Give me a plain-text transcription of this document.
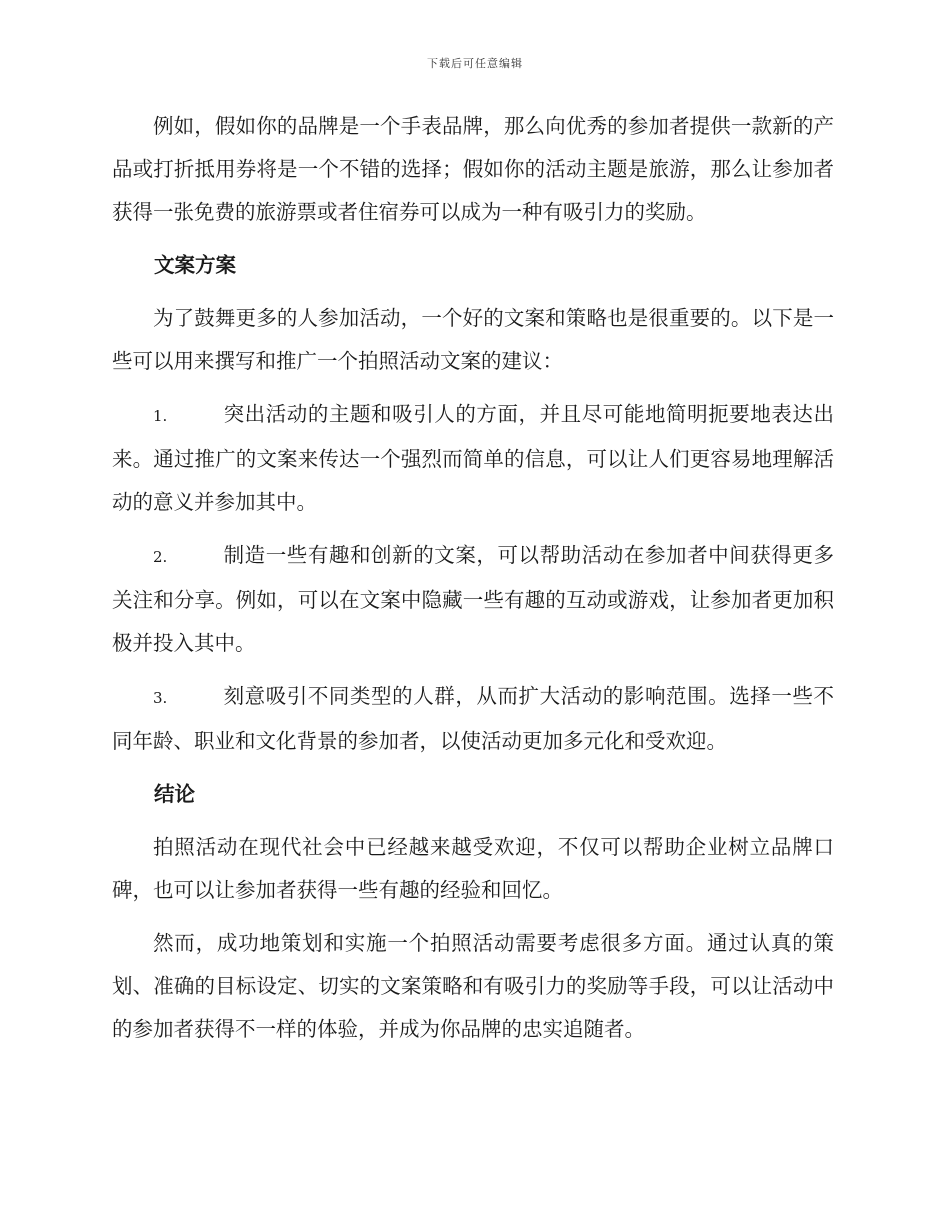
下载后可任意编辑

例如，假如你的品牌是一个手表品牌，那么向优秀的参加者提供一款新的产品或打折抵用券将是一个不错的选择；假如你的活动主题是旅游，那么让参加者获得一张免费的旅游票或者住宿券可以成为一种有吸引力的奖励。

文案方案

为了鼓舞更多的人参加活动，一个好的文案和策略也是很重要的。以下是一些可以用来撰写和推广一个拍照活动文案的建议：

1.	突出活动的主题和吸引人的方面，并且尽可能地简明扼要地表达出来。通过推广的文案来传达一个强烈而简单的信息，可以让人们更容易地理解活动的意义并参加其中。
2.	制造一些有趣和创新的文案，可以帮助活动在参加者中间获得更多关注和分享。例如，可以在文案中隐藏一些有趣的互动或游戏，让参加者更加积极并投入其中。
3.	刻意吸引不同类型的人群，从而扩大活动的影响范围。选择一些不同年龄、职业和文化背景的参加者，以使活动更加多元化和受欢迎。
结论

拍照活动在现代社会中已经越来越受欢迎，不仅可以帮助企业树立品牌口碑，也可以让参加者获得一些有趣的经验和回忆。

然而，成功地策划和实施一个拍照活动需要考虑很多方面。通过认真的策划、准确的目标设定、切实的文案策略和有吸引力的奖励等手段，可以让活动中的参加者获得不一样的体验，并成为你品牌的忠实追随者。
